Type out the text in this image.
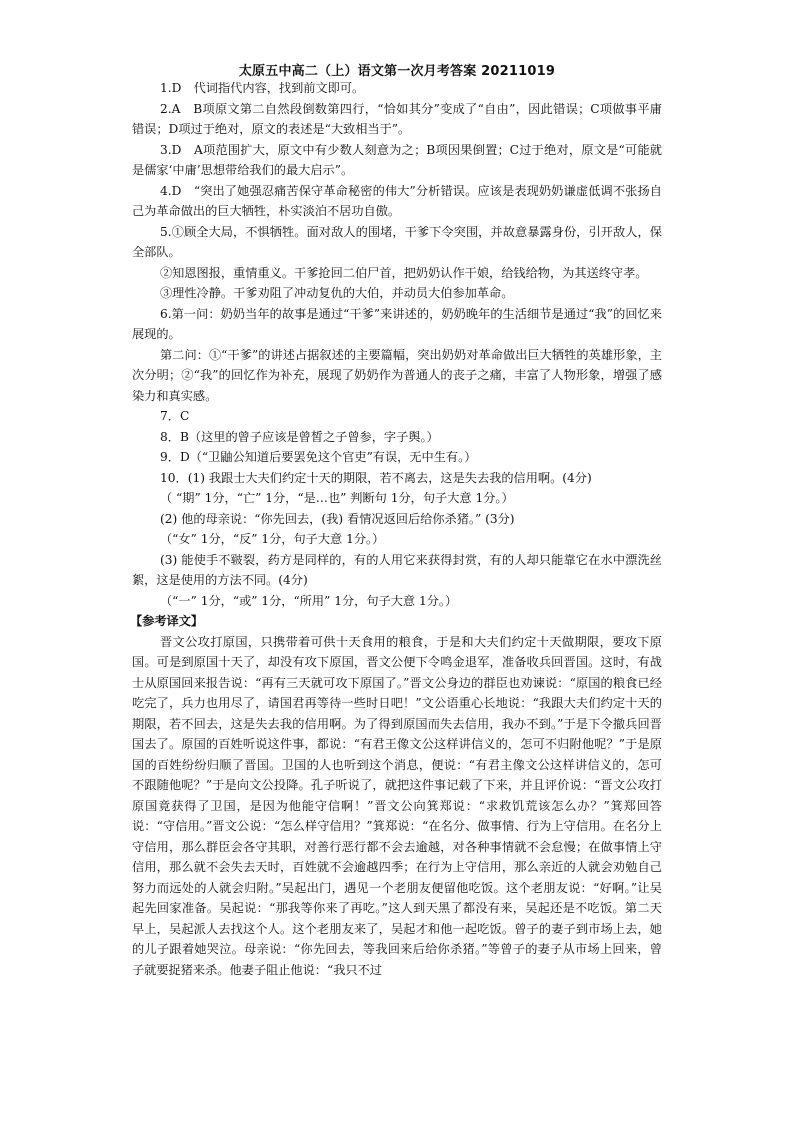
太原五中高二（上）语文第一次月考答案 20211019

1.D　代词指代内容，找到前文即可。

2.A　B项原文第二自然段倒数第四行，“恰如其分”变成了“自由”，因此错误；C项做事平庸错误；D项过于绝对，原文的表述是“大致相当于”。

3.D　A项范围扩大，原文中有少数人刻意为之；B项因果倒置；C过于绝对，原文是“可能就是儒家‘中庸’思想带给我们的最大启示”。

4.D　“突出了她强忍痛苦保守革命秘密的伟大”分析错误。应该是表现奶奶谦虚低调不张扬自己为革命做出的巨大牺牲，朴实淡泊不居功自傲。

5.①顾全大局，不惧牺牲。面对敌人的围堵，干爹下令突围，并故意暴露身份，引开敌人，保全部队。

②知恩图报，重情重义。干爹抢回二伯尸首，把奶奶认作干娘，给钱给物，为其送终守孝。

③理性冷静。干爹劝阻了冲动复仇的大伯，并动员大伯参加革命。

6.第一问：奶奶当年的故事是通过“干爹”来讲述的，奶奶晚年的生活细节是通过“我”的回忆来展现的。

第二问：①“干爹”的讲述占据叙述的主要篇幅，突出奶奶对革命做出巨大牺牲的英雄形象，主次分明；②“我”的回忆作为补充，展现了奶奶作为普通人的丧子之痛，丰富了人物形象，增强了感染力和真实感。

7．C

8．B（这里的曾子应该是曾皙之子曾参，字子舆。）

9．D（“卫鼬公知道后要罢免这个官吏”有误，无中生有。）

10．(1) 我跟士大夫们约定十天的期限，若不离去，这是失去我的信用啊。(4分)

（ “期” 1分，“亡” 1分，“是…也” 判断句 1分，句子大意 1分。）

(2) 他的母亲说：“你先回去，(我) 看情况返回后给你杀猪。” (3分)

（“女” 1分，“反” 1分，句子大意 1分。）

(3) 能使手不皲裂，药方是同样的，有的人用它来获得封赏，有的人却只能靠它在水中漂洗丝絮，这是使用的方法不同。(4分)

（“一” 1分，“或” 1分，“所用” 1分，句子大意 1分。）

【参考译文】

晋文公攻打原国，只携带着可供十天食用的粮食，于是和大夫们约定十天做期限，要攻下原国。可是到原国十天了，却没有攻下原国，晋文公便下令鸣金退军，准备收兵回晋国。这时，有战士从原国回来报告说：“再有三天就可攻下原国了。”晋文公身边的群臣也劝谏说：“原国的粮食已经吃完了，兵力也用尽了，请国君再等待一些时日吧！”文公语重心长地说：“我跟大夫们约定十天的期限，若不回去，这是失去我的信用啊。为了得到原国而失去信用，我办不到。”于是下令撤兵回晋国去了。原国的百姓听说这件事，都说：“有君王像文公这样讲信义的，怎可不归附他呢？”于是原国的百姓纷纷归顺了晋国。卫国的人也听到这个消息，便说：“有君主像文公这样讲信义的，怎可不跟随他呢？”于是向文公投降。孔子听说了，就把这件事记载了下来，并且评价说：“晋文公攻打原国竟获得了卫国，是因为他能守信啊！”晋文公向箕郑说：“求救饥荒该怎么办？”箕郑回答说：“守信用。”晋文公说：“怎么样守信用？”箕郑说：“在名分、做事情、行为上守信用。在名分上守信用，那么群臣会各守其职，对善行恶行都不会去逾越，对各种事情就不会怠慢；在做事情上守信用，那么就不会失去天时，百姓就不会逾越四季；在行为上守信用，那么亲近的人就会劝勉自己努力而远处的人就会归附。”吴起出门，遇见一个老朋友便留他吃饭。这个老朋友说：“好啊。”让吴起先回家准备。吴起说：“那我等你来了再吃。”这人到天黑了都没有来，吴起还是不吃饭。第二天早上，吴起派人去找这个人。这个老朋友来了，吴起才和他一起吃饭。曾子的妻子到市场上去，她的儿子跟着她哭泣。母亲说：“你先回去，等我回来后给你杀猪。”等曾子的妻子从市场上回来，曾子就要捉猪来杀。他妻子阻止他说：“我只不过
